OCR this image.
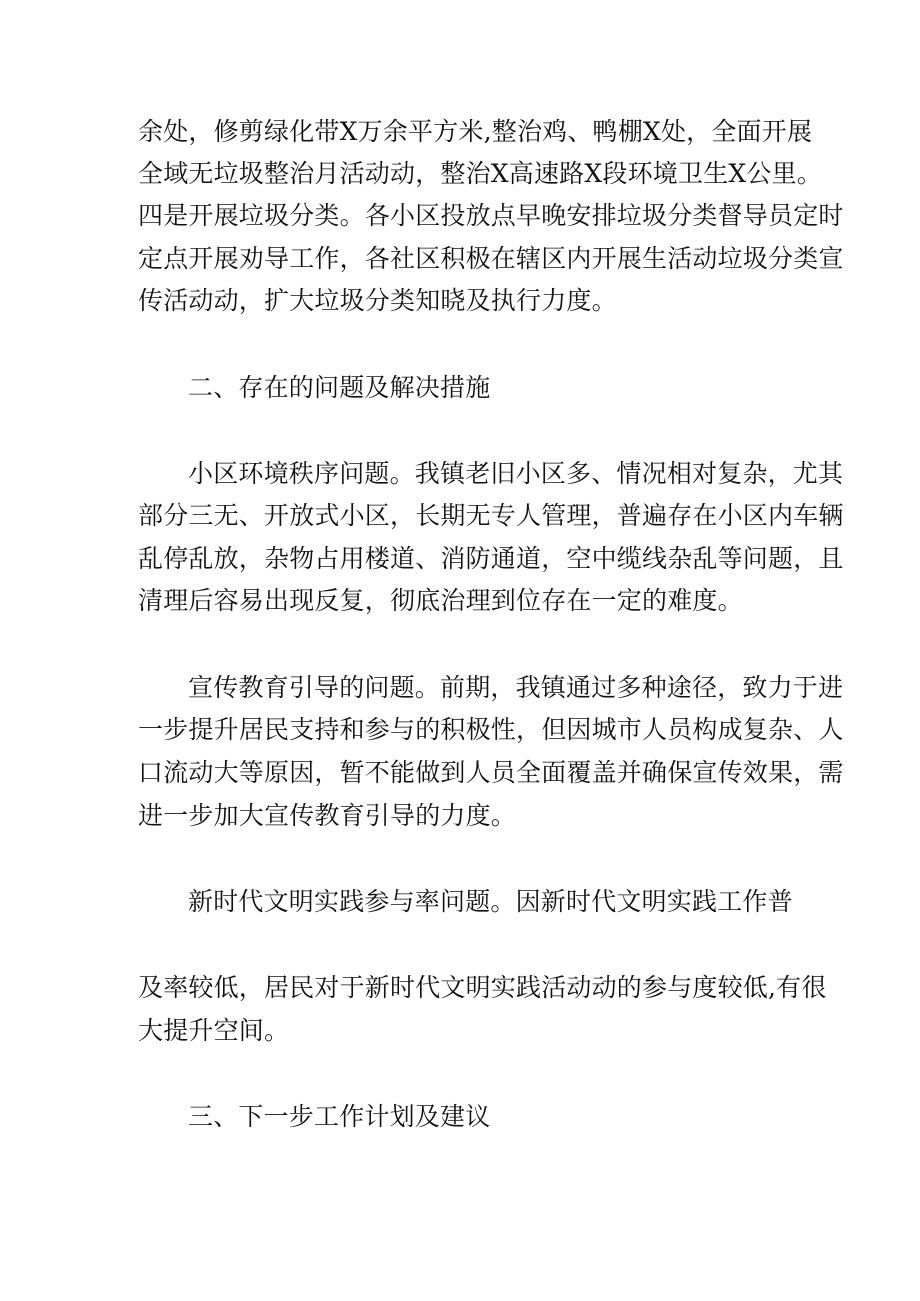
余处，修剪绿化带X万余平方米,整治鸡、鸭棚X处，全面开展
全域无垃圾整治月活动动，整治X高速路X段环境卫生X公里。
四是开展垃圾分类。各小区投放点早晚安排垃圾分类督导员定时
定点开展劝导工作，各社区积极在辖区内开展生活动垃圾分类宣
传活动动，扩大垃圾分类知晓及执行力度。
二、存在的问题及解决措施
小区环境秩序问题。我镇老旧小区多、情况相对复杂，尤其
部分三无、开放式小区，长期无专人管理，普遍存在小区内车辆
乱停乱放，杂物占用楼道、消防通道，空中缆线杂乱等问题，且
清理后容易出现反复，彻底治理到位存在一定的难度。
宣传教育引导的问题。前期，我镇通过多种途径，致力于进
一步提升居民支持和参与的积极性，但因城市人员构成复杂、人
口流动大等原因，暂不能做到人员全面覆盖并确保宣传效果，需
进一步加大宣传教育引导的力度。
新时代文明实践参与率问题。因新时代文明实践工作普
及率较低，居民对于新时代文明实践活动动的参与度较低,有很
大提升空间。
三、下一步工作计划及建议
